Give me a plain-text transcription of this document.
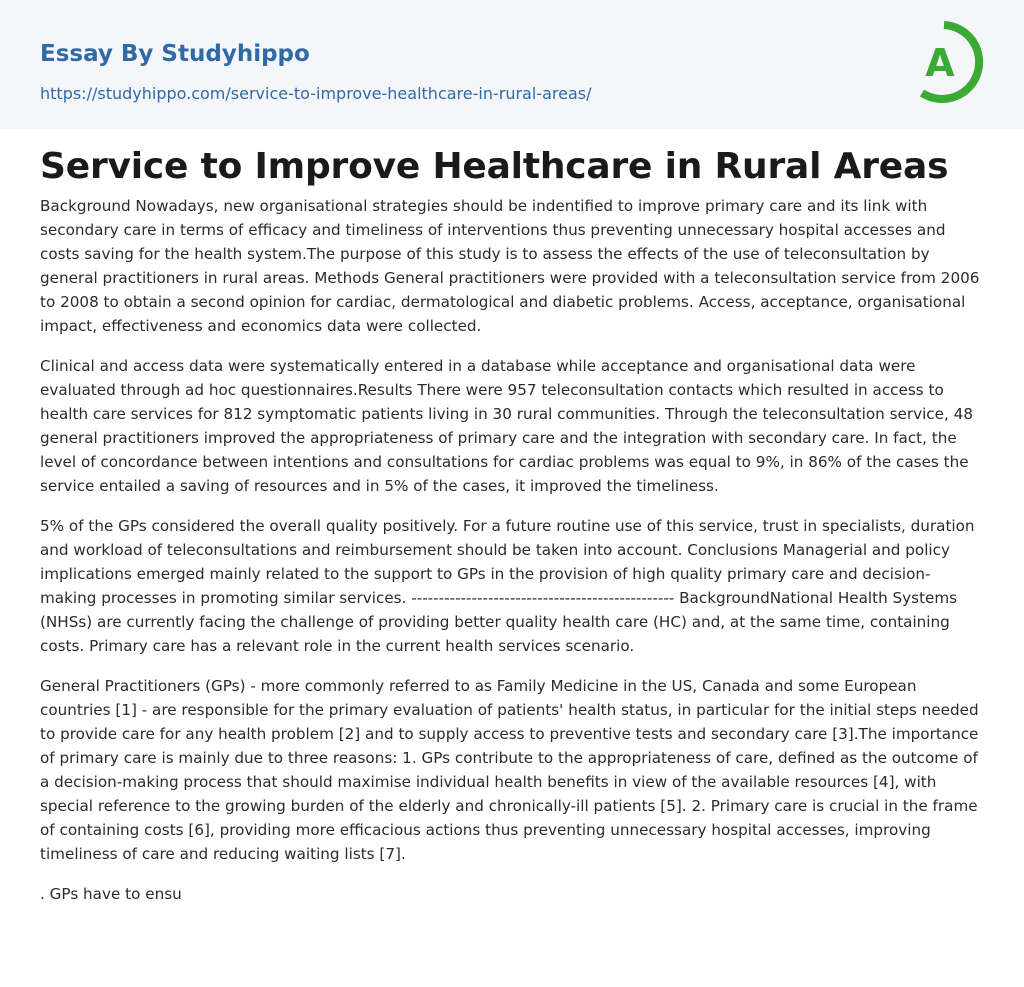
Essay By Studyhippo
https://studyhippo.com/service-to-improve-healthcare-in-rural-areas/
A
Service to Improve Healthcare in Rural Areas

Background Nowadays, new organisational strategies should be indentified to improve primary care and its link with secondary care in terms of efficacy and timeliness of interventions thus preventing unnecessary hospital accesses and costs saving for the health system.The purpose of this study is to assess the effects of the use of teleconsultation by general practitioners in rural areas. Methods General practitioners were provided with a teleconsultation service from 2006 to 2008 to obtain a second opinion for cardiac, dermatological and diabetic problems. Access, acceptance, organisational impact, effectiveness and economics data were collected.

Clinical and access data were systematically entered in a database while acceptance and organisational data were evaluated through ad hoc questionnaires.Results There were 957 teleconsultation contacts which resulted in access to health care services for 812 symptomatic patients living in 30 rural communities. Through the teleconsultation service, 48 general practitioners improved the appropriateness of primary care and the integration with secondary care. In fact, the level of concordance between intentions and consultations for cardiac problems was equal to 9%, in 86% of the cases the service entailed a saving of resources and in 5% of the cases, it improved the timeliness.

5% of the GPs considered the overall quality positively. For a future routine use of this service, trust in specialists, duration and workload of teleconsultations and reimbursement should be taken into account. Conclusions Managerial and policy implications emerged mainly related to the support to GPs in the provision of high quality primary care and decision-making processes in promoting similar services. ------------------------------------------------ BackgroundNational Health Systems (NHSs) are currently facing the challenge of providing better quality health care (HC) and, at the same time, containing costs. Primary care has a relevant role in the current health services scenario.

General Practitioners (GPs) - more commonly referred to as Family Medicine in the US, Canada and some European countries [1] - are responsible for the primary evaluation of patients' health status, in particular for the initial steps needed to provide care for any health problem [2] and to supply access to preventive tests and secondary care [3].The importance of primary care is mainly due to three reasons: 1. GPs contribute to the appropriateness of care, defined as the outcome of a decision-making process that should maximise individual health benefits in view of the available resources [4], with special reference to the growing burden of the elderly and chronically-ill patients [5]. 2. Primary care is crucial in the frame of containing costs [6], providing more efficacious actions thus preventing unnecessary hospital accesses, improving timeliness of care and reducing waiting lists [7].

. GPs have to ensu
